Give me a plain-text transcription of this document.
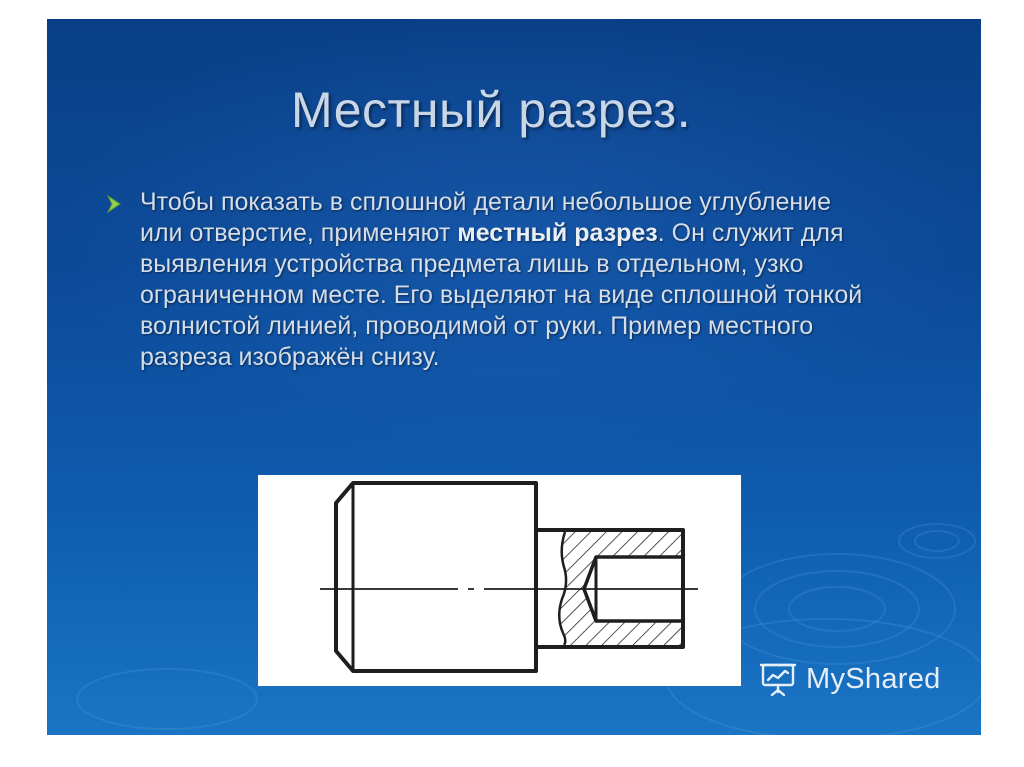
Местный разрез.

Чтобы показать в сплошной детали небольшое углубление или отверстие, применяют местный разрез. Он служит для выявления устройства предмета лишь в отдельном, узко ограниченном месте. Его выделяют на виде сплошной тонкой волнистой линией, проводимой от руки. Пример местного разреза изображён снизу.

MyShared
